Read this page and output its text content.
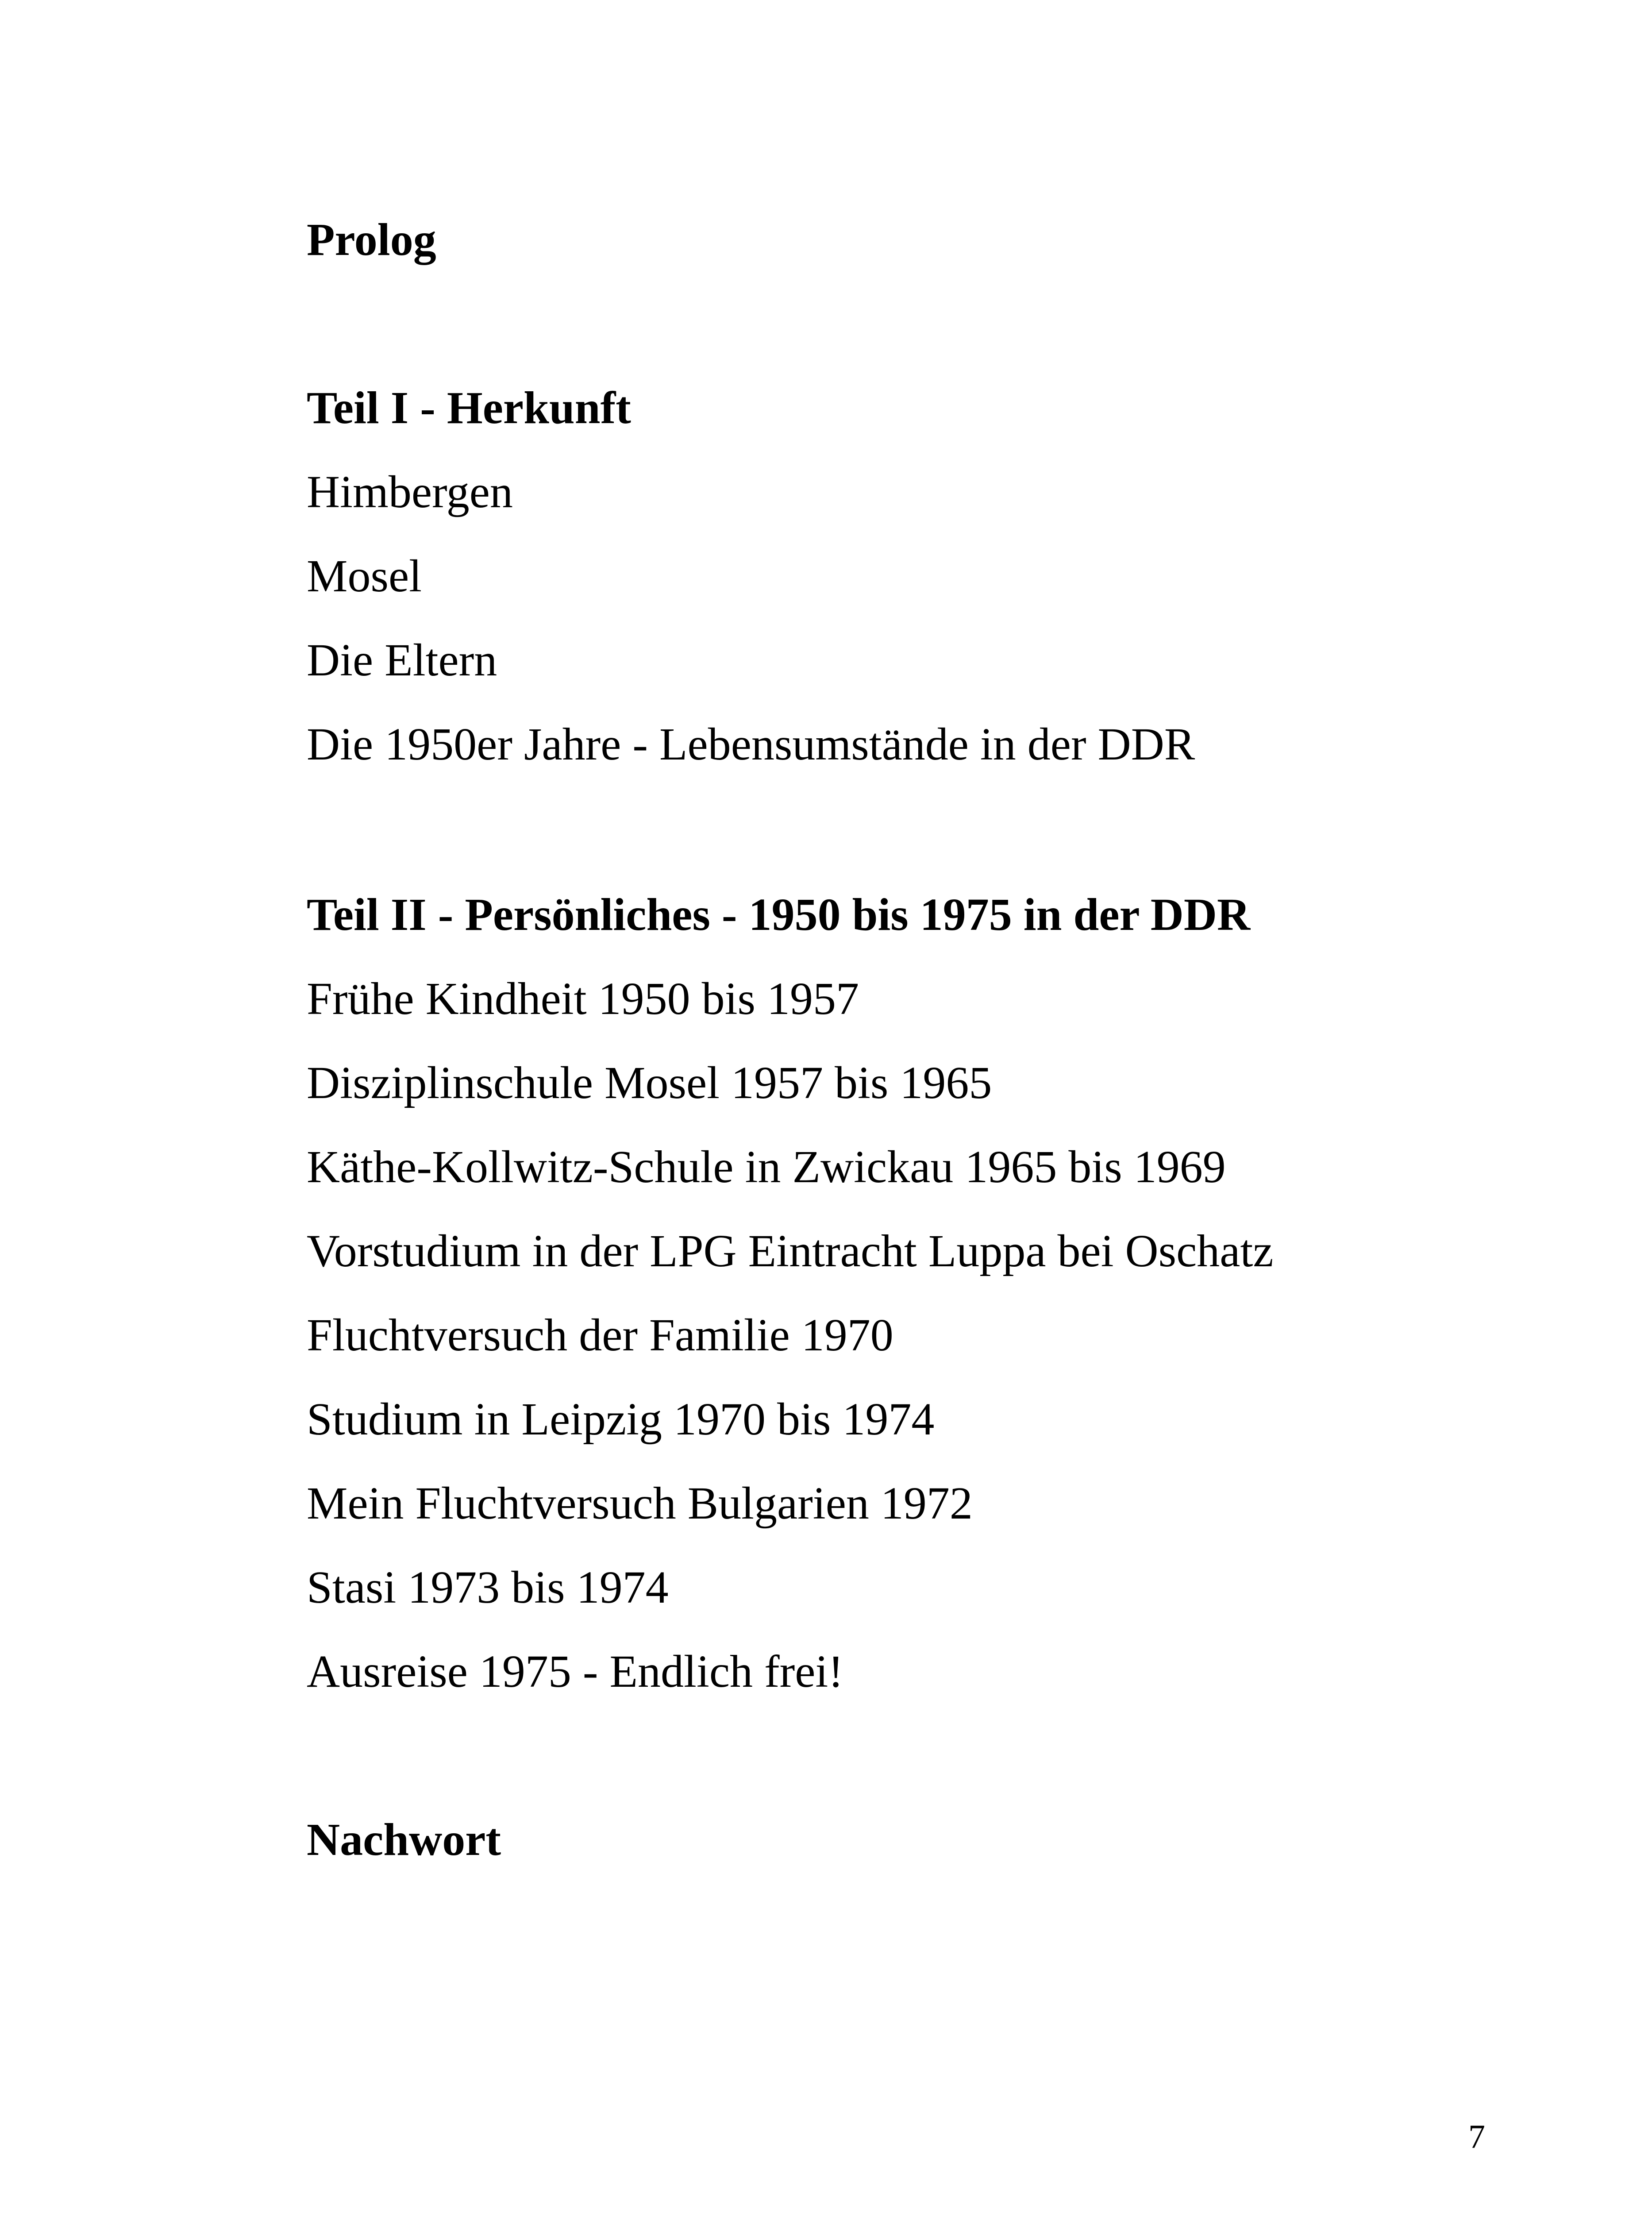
Prolog
Teil I - Herkunft
Himbergen
Mosel
Die Eltern
Die 1950er Jahre - Lebensumstände in der DDR
Teil II - Persönliches - 1950 bis 1975 in der DDR
Frühe Kindheit 1950 bis 1957
Disziplinschule Mosel 1957 bis 1965
Käthe-Kollwitz-Schule in Zwickau 1965 bis 1969
Vorstudium in der LPG Eintracht Luppa bei Oschatz
Fluchtversuch der Familie 1970
Studium in Leipzig 1970 bis 1974
Mein Fluchtversuch Bulgarien 1972
Stasi 1973 bis 1974
Ausreise 1975 - Endlich frei!
Nachwort
7
